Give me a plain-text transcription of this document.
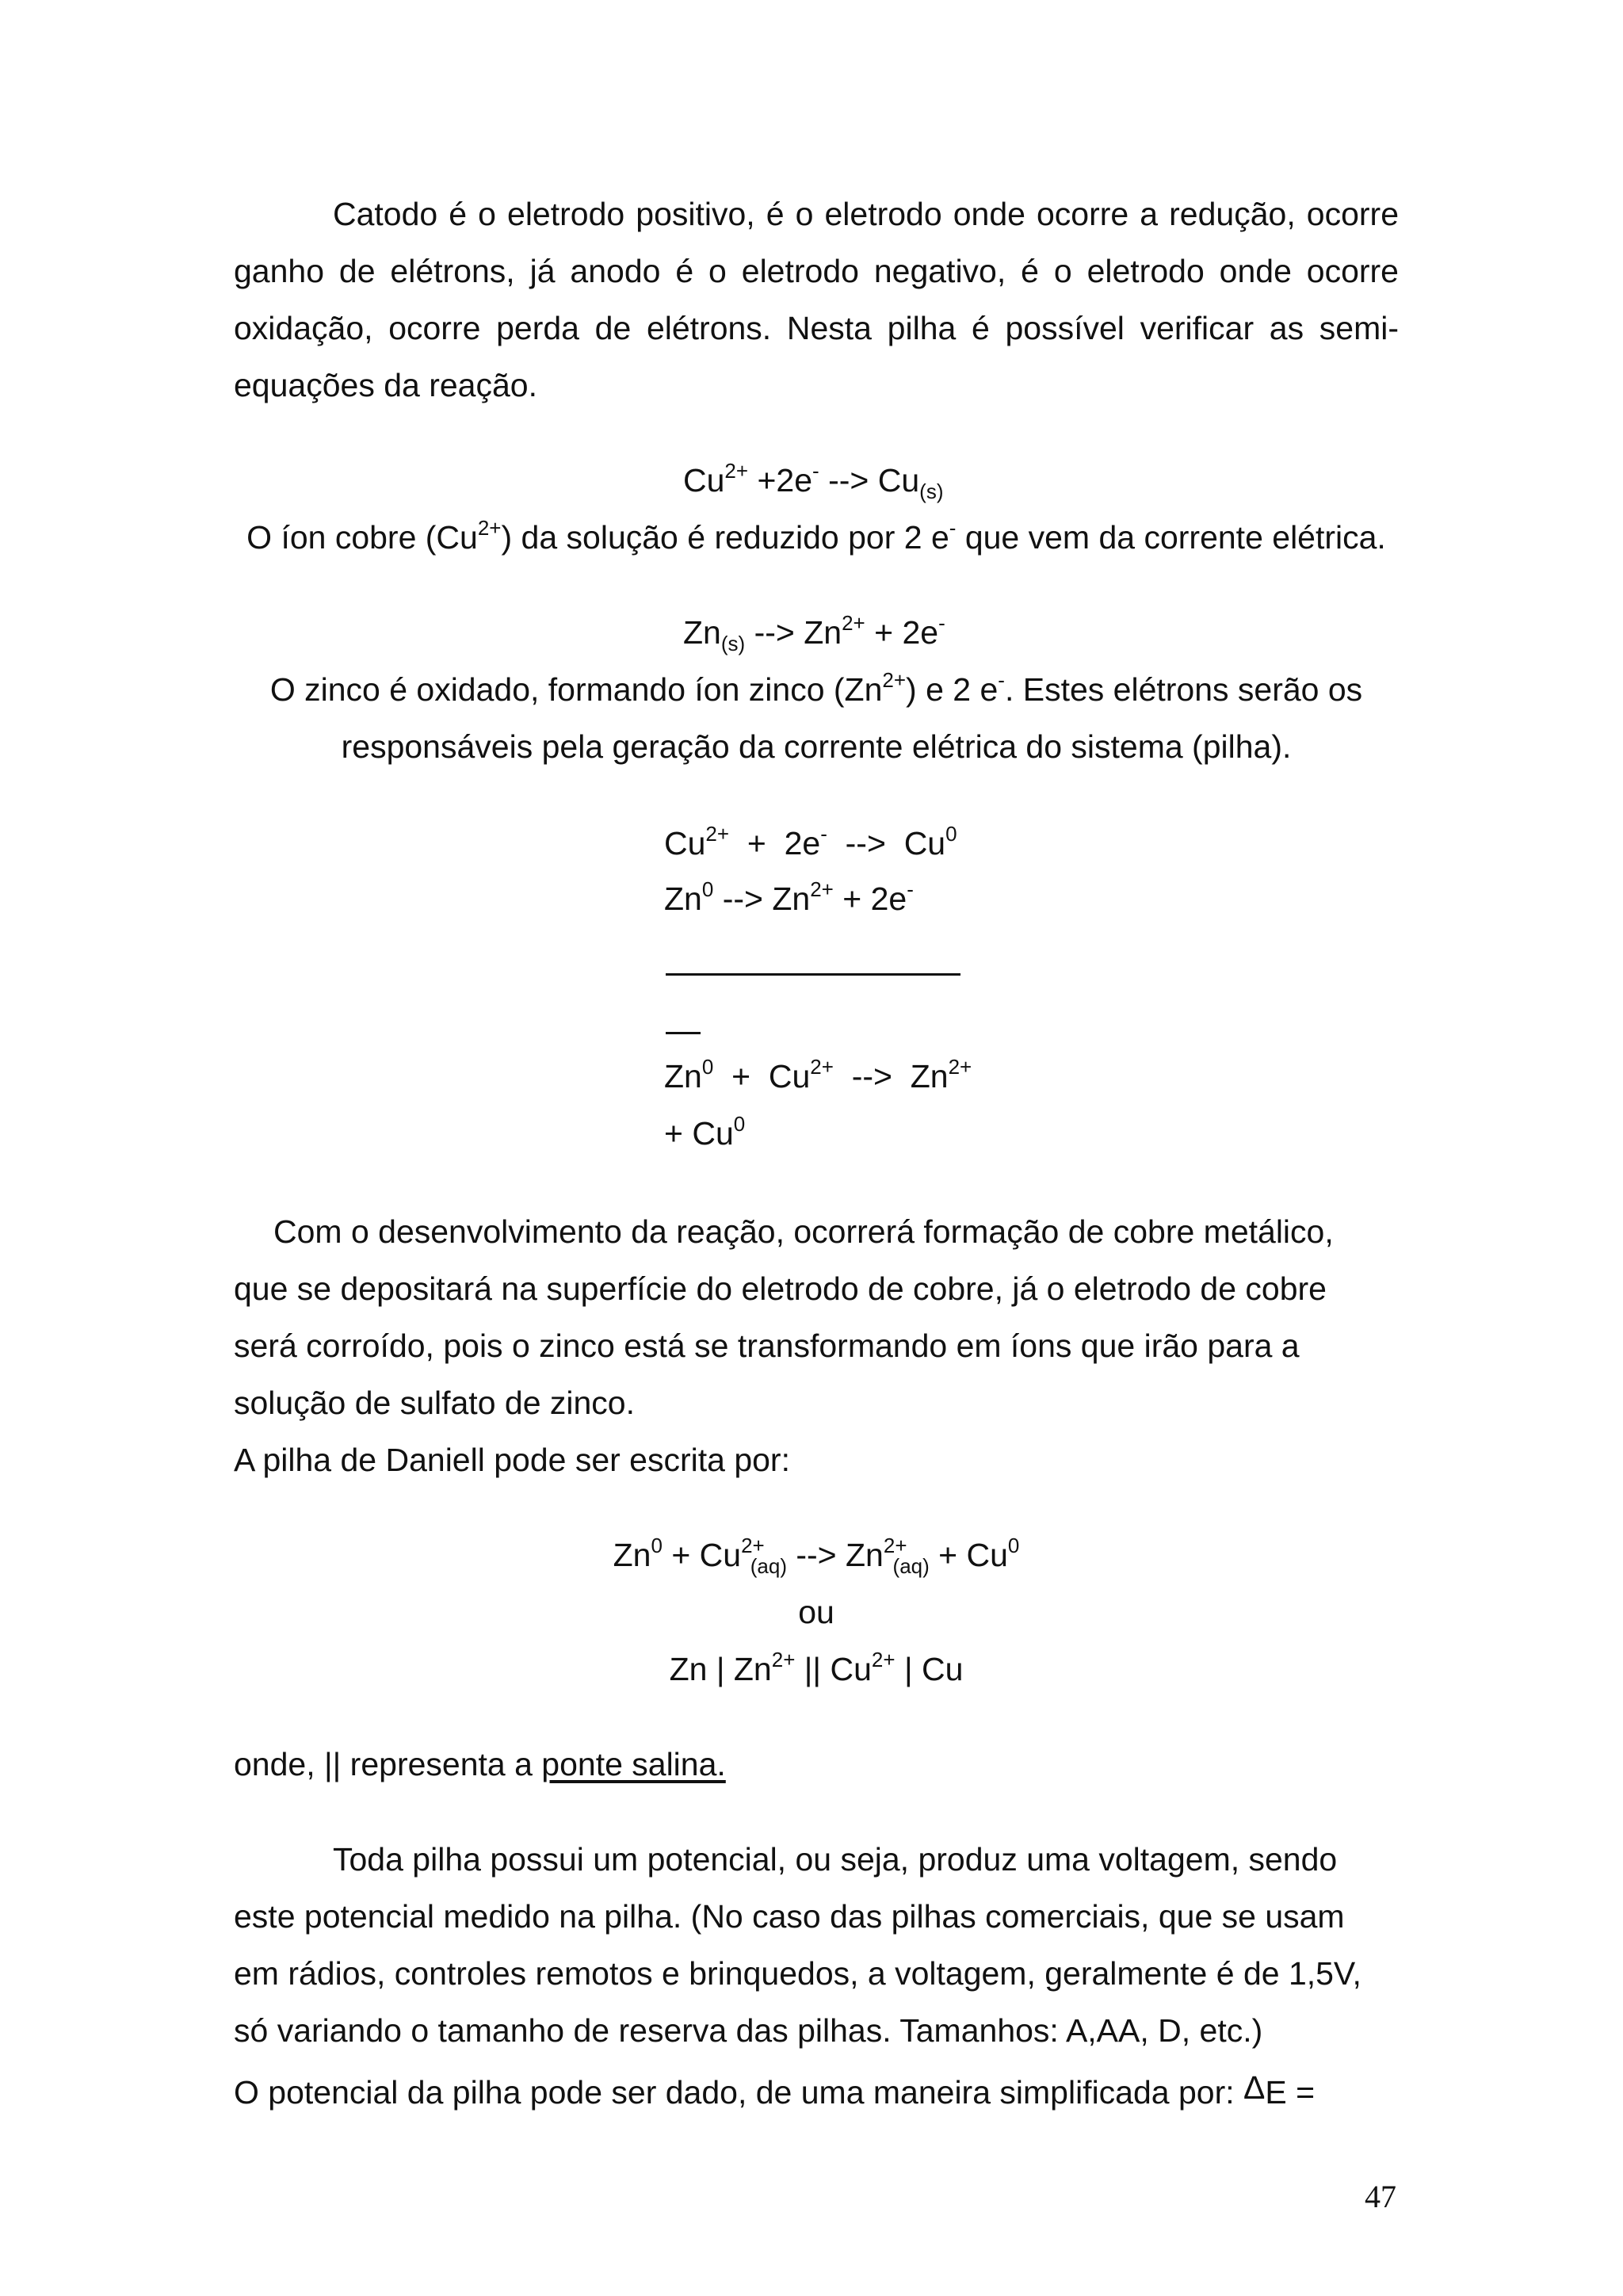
Catodo é o eletrodo positivo, é o eletrodo onde ocorre a redução, ocorre
ganho de elétrons, já anodo é o eletrodo negativo, é o eletrodo onde ocorre
oxidação, ocorre perda de elétrons. Nesta pilha é possível verificar as semi-
equações da reação.
$Cu^{2+} +2e^-$ --> $Cu_{(s)}$
O íon cobre $(Cu^{2+})$ da solução é reduzido por 2 e- que vem da corrente elétrica.
$Zn_{(s)}$ --> $Zn^{2+} + 2e^-$
O zinco é oxidado, formando íon zinco $(Zn^{2+})$ e 2 e-. Estes elétrons serão os
responsáveis pela geração da corrente elétrica do sistema (pilha).
$Cu^{2+} + 2e^-$  -->  Cu$^0$
Zn$^0$ --> $Zn^{2+} + 2e^-$
$Zn^0 + Cu^{2+}$  -->  $Zn^{2+}$
+ $Cu^0$
Com o desenvolvimento da reação, ocorrerá formação de cobre metálico,
que se depositará na superfície do eletrodo de cobre, já o eletrodo de cobre
será corroído, pois o zinco está se transformando em íons que irão para a
solução de sulfato de zinco.
A pilha de Daniell pode ser escrita por:
$Zn^0 + Cu^{2+}_{(aq)}$ --> $Zn^{2+}_{(aq)} + Cu^0$
ou
Zn | $Zn^{2+}$ || $Cu^{2+}$ | Cu
onde, || representa a ponte salina.
Toda pilha possui um potencial, ou seja, produz uma voltagem, sendo
este potencial medido na pilha. (No caso das pilhas comerciais, que se usam
em rádios, controles remotos e brinquedos, a voltagem, geralmente é de 1,5V,
só variando o tamanho de reserva das pilhas. Tamanhos: A,AA, D, etc.)
O potencial da pilha pode ser dado, de uma maneira simplificada por: ΔE =
47
